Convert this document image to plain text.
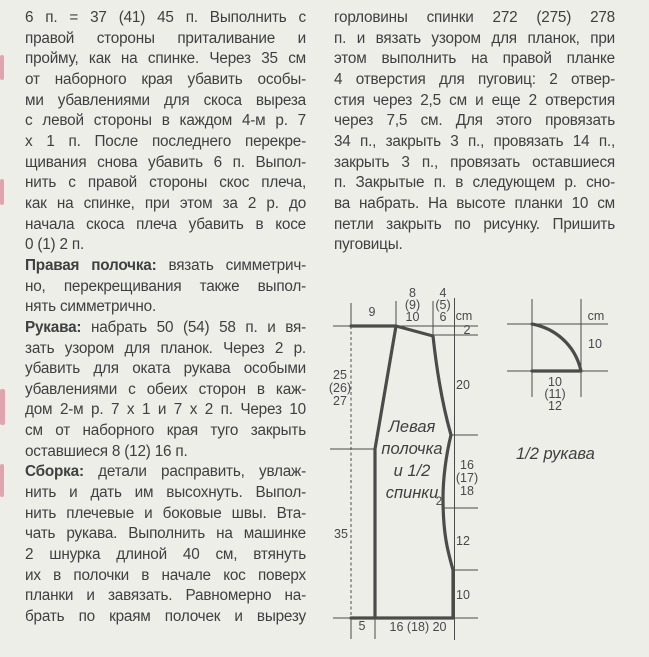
6 п. = 37 (41) 45 п. Выполнить с
правой стороны приталивание и
пройму, как на спинке. Через 35 см
от наборного края убавить особы-
ми убавлениями для скоса выреза
с левой стороны в каждом 4-м р. 7
х 1 п. После последнего перекре-
щивания снова убавить 6 п. Выпол-
нить с правой стороны скос плеча,
как на спинке, при этом за 2 р. до
начала скоса плеча убавить в косе
0 (1) 2 п.
Правая полочка: вязать симметрич-
но, перекрещивания также выпол-
нять симметрично.
Рукава: набрать 50 (54) 58 п. и вя-
зать узором для планок. Через 2 р.
убавить для оката рукава особыми
убавлениями с обеих сторон в каж-
дом 2-м р. 7 х 1 и 7 х 2 п. Через 10
см от наборного края туго закрыть
оставшиеся 8 (12) 16 п.
Сборка: детали расправить, увлаж-
нить и дать им высохнуть. Выпол-
нить плечевые и боковые швы. Вта-
чать рукава. Выполнить на машинке
2 шнурка длиной 40 см, втянуть
их в полочки в начале кос поверх
планки и завязать. Равномерно на-
брать по краям полочек и вырезу
горловины спинки 272 (275) 278
п. и вязать узором для планок, при
этом выполнить на правой планке
4 отверстия для пуговиц: 2 отвер-
стия через 2,5 см и еще 2 отверстия
через 7,5 см. Для этого провязать
34 п., закрыть 3 п., провязать 14 п.,
закрыть 3 п., провязать оставшиеся
п. Закрытые п. в следующем р. сно-
ва набрать. На высоте планки 10 см
петли закрыть по рисунку. Пришить
пуговицы.
9
8
(9)
10
4
(5)
6 cm
2
20
16
(17)
18
2
12
10
25
(26)
27
35
5	16 (18) 20
Левая
полочка
и 1/2
спинки
cm
10
10
(11)
12
1/2 рукава
